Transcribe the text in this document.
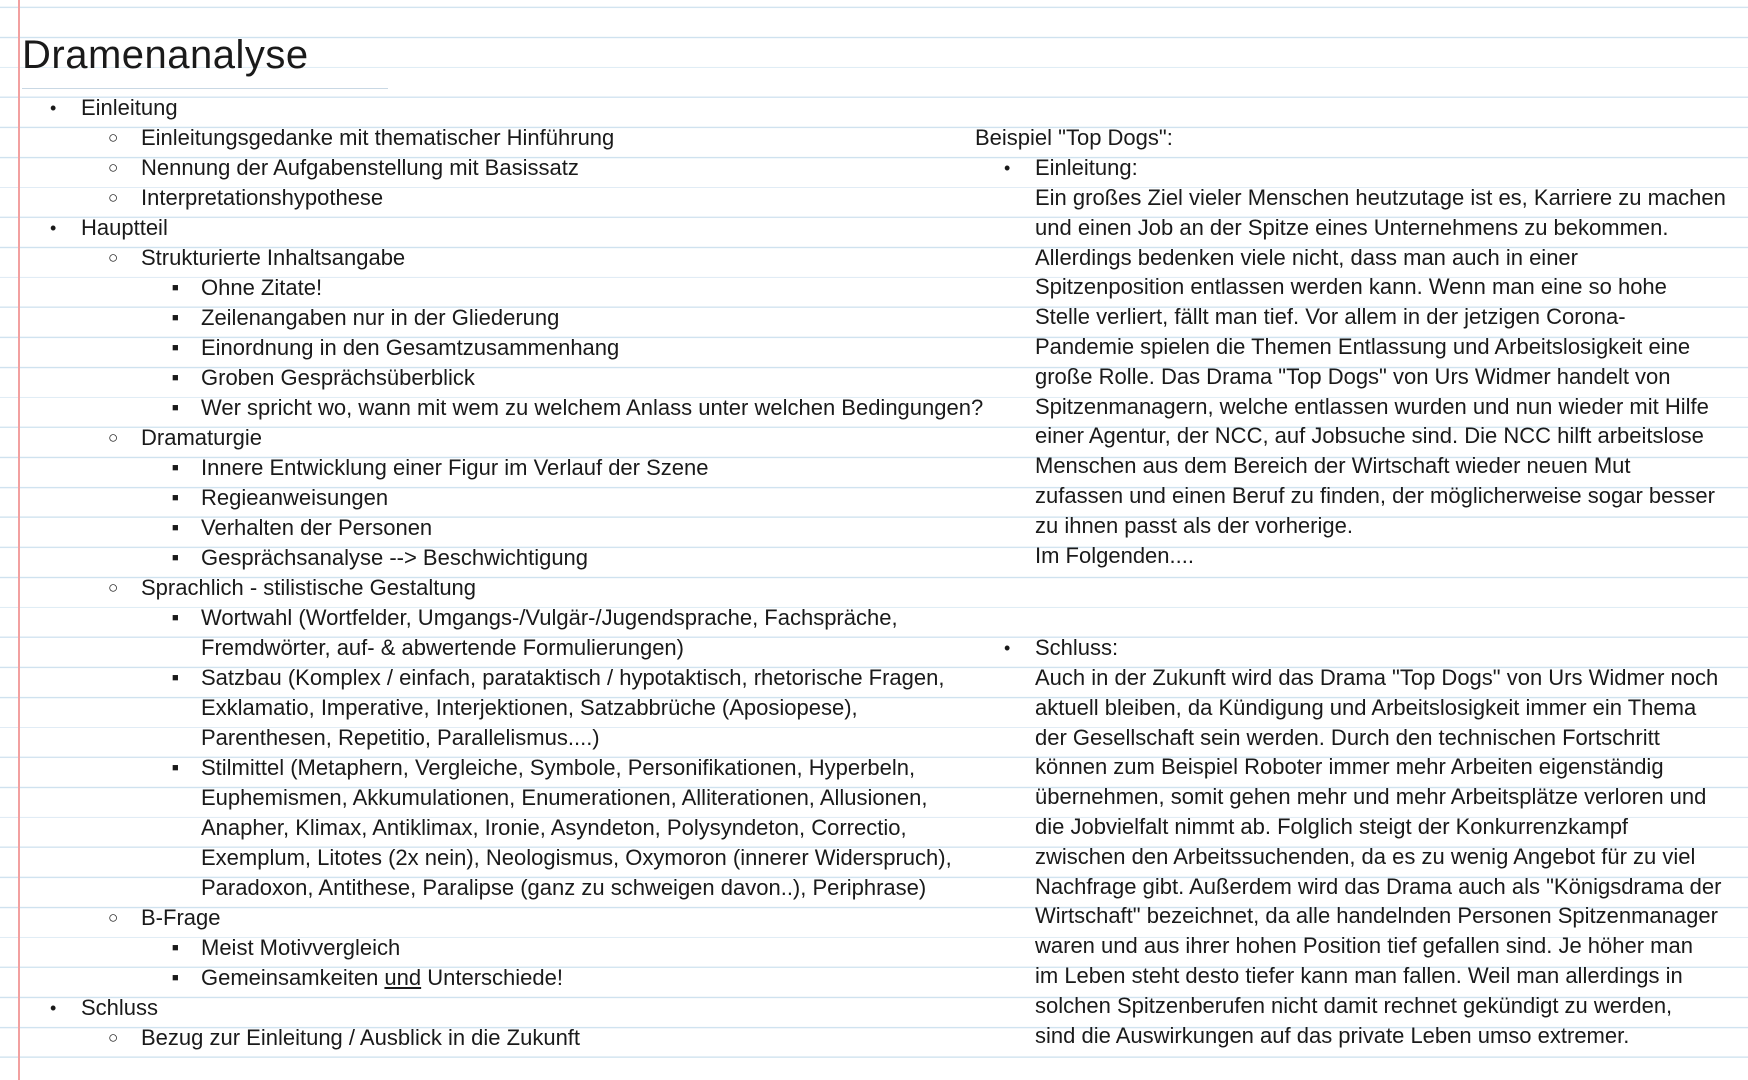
Dramenanalyse
• Einleitung
○ Einleitungsgedanke mit thematischer Hinführung
○ Nennung der Aufgabenstellung mit Basissatz
○ Interpretationshypothese
• Hauptteil
○ Strukturierte Inhaltsangabe
■ Ohne Zitate!
■ Zeilenangaben nur in der Gliederung
■ Einordnung in den Gesamtzusammenhang
■ Groben Gesprächsüberblick
■ Wer spricht wo, wann mit wem zu welchem Anlass unter welchen Bedingungen?
○ Dramaturgie
■ Innere Entwicklung einer Figur im Verlauf der Szene
■ Regieanweisungen
■ Verhalten der Personen
■ Gesprächsanalyse --> Beschwichtigung
○ Sprachlich - stilistische Gestaltung
■ Wortwahl (Wortfelder, Umgangs-/Vulgär-/Jugendsprache, Fachspräche,
Fremdwörter, auf- & abwertende Formulierungen)
■ Satzbau (Komplex / einfach, parataktisch / hypotaktisch, rhetorische Fragen,
Exklamatio, Imperative, Interjektionen, Satzabbrüche (Aposiopese),
Parenthesen, Repetitio, Parallelismus....)
■ Stilmittel (Metaphern, Vergleiche, Symbole, Personifikationen, Hyperbeln,
Euphemismen, Akkumulationen, Enumerationen, Alliterationen, Allusionen,
Anapher, Klimax, Antiklimax, Ironie, Asyndeton, Polysyndeton, Correctio,
Exemplum, Litotes (2x nein), Neologismus, Oxymoron (innerer Widerspruch),
Paradoxon, Antithese, Paralipse (ganz zu schweigen davon..), Periphrase)
○ B-Frage
■ Meist Motivvergleich
■ Gemeinsamkeiten und Unterschiede!
• Schluss
○ Bezug zur Einleitung / Ausblick in die Zukunft
Beispiel "Top Dogs":
• Einleitung:
Ein großes Ziel vieler Menschen heutzutage ist es, Karriere zu machen
und einen Job an der Spitze eines Unternehmens zu bekommen.
Allerdings bedenken viele nicht, dass man auch in einer
Spitzenposition entlassen werden kann. Wenn man eine so hohe
Stelle verliert, fällt man tief. Vor allem in der jetzigen Corona-
Pandemie spielen die Themen Entlassung und Arbeitslosigkeit eine
große Rolle. Das Drama "Top Dogs" von Urs Widmer handelt von
Spitzenmanagern, welche entlassen wurden und nun wieder mit Hilfe
einer Agentur, der NCC, auf Jobsuche sind. Die NCC hilft arbeitslose
Menschen aus dem Bereich der Wirtschaft wieder neuen Mut
zufassen und einen Beruf zu finden, der möglicherweise sogar besser
zu ihnen passt als der vorherige.
Im Folgenden....
• Schluss:
Auch in der Zukunft wird das Drama "Top Dogs" von Urs Widmer noch
aktuell bleiben, da Kündigung und Arbeitslosigkeit immer ein Thema
der Gesellschaft sein werden. Durch den technischen Fortschritt
können zum Beispiel Roboter immer mehr Arbeiten eigenständig
übernehmen, somit gehen mehr und mehr Arbeitsplätze verloren und
die Jobvielfalt nimmt ab. Folglich steigt der Konkurrenzkampf
zwischen den Arbeitssuchenden, da es zu wenig Angebot für zu viel
Nachfrage gibt. Außerdem wird das Drama auch als "Königsdrama der
Wirtschaft" bezeichnet, da alle handelnden Personen Spitzenmanager
waren und aus ihrer hohen Position tief gefallen sind. Je höher man
im Leben steht desto tiefer kann man fallen. Weil man allerdings in
solchen Spitzenberufen nicht damit rechnet gekündigt zu werden,
sind die Auswirkungen auf das private Leben umso extremer.
